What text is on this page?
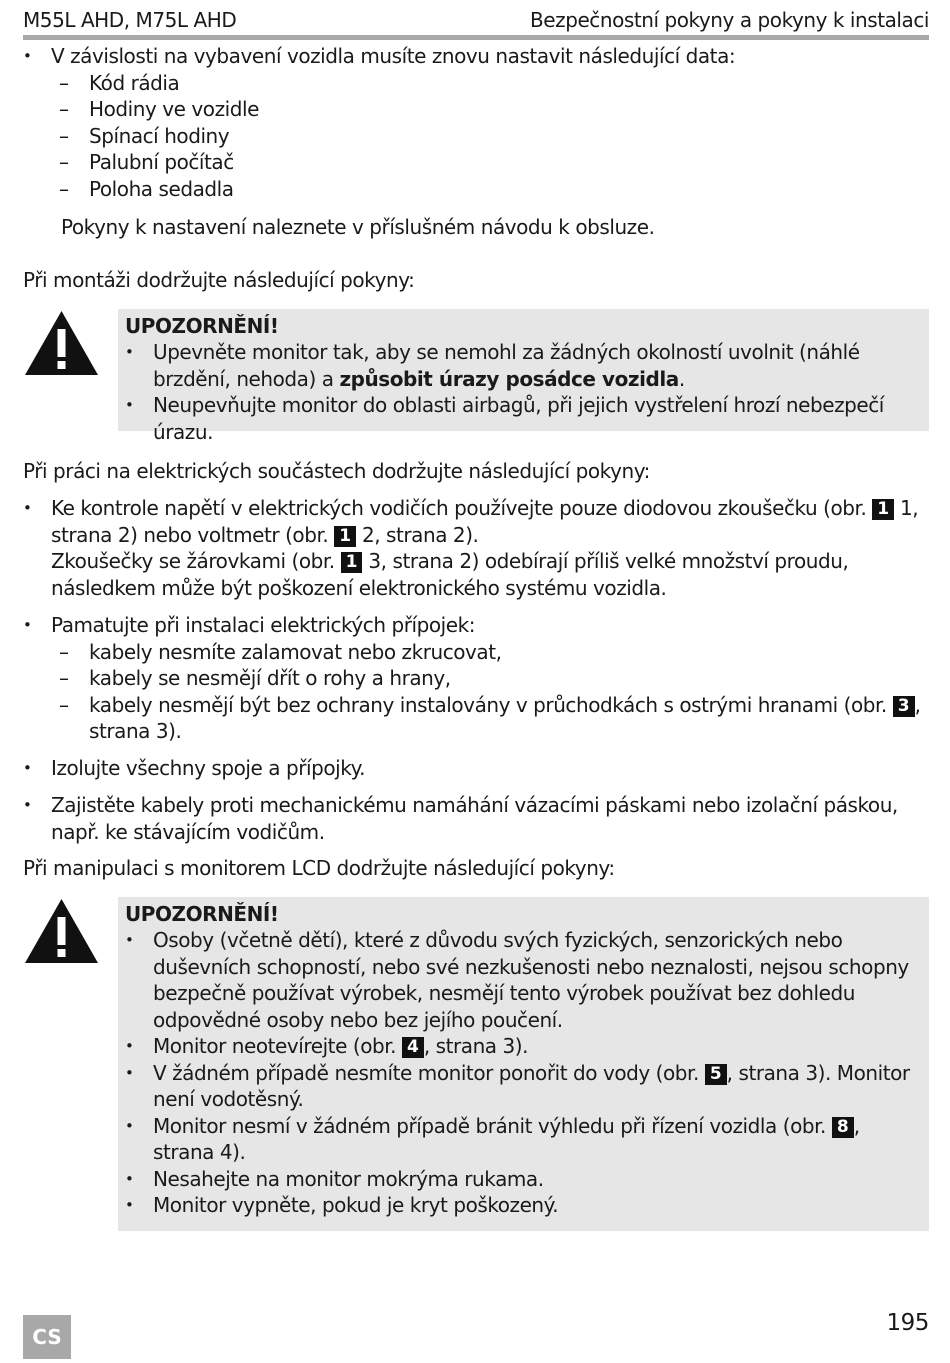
M55L AHD, M75L AHD	Bezpečnostní pokyny a pokyny k instalaci
• V závislosti na vybavení vozidla musíte znovu nastavit následující data:
– Kód rádia
– Hodiny ve vozidle
– Spínací hodiny
– Palubní počítač
– Poloha sedadla
Pokyny k nastavení naleznete v příslušném návodu k obsluze.
Při montáži dodržujte následující pokyny:
UPOZORNĚNÍ!
• Upevněte monitor tak, aby se nemohl za žádných okolností uvolnit (náhlé brzdění, nehoda) a způsobit úrazy posádce vozidla.
• Neupevňujte monitor do oblasti airbagů, při jejich vystřelení hrozí nebezpečí úrazu.
Při práci na elektrických součástech dodržujte následující pokyny:
• Ke kontrole napětí v elektrických vodičích používejte pouze diodovou zkoušečku (obr. 1 1, strana 2) nebo voltmetr (obr. 1 2, strana 2).
Zkoušečky se žárovkami (obr. 1 3, strana 2) odebírají příliš velké množství proudu, následkem může být poškození elektronického systému vozidla.
• Pamatujte při instalaci elektrických přípojek:
– kabely nesmíte zalamovat nebo zkrucovat,
– kabely se nesmějí dřít o rohy a hrany,
– kabely nesmějí být bez ochrany instalovány v průchodkách s ostrými hranami (obr. 3 , strana 3).
• Izolujte všechny spoje a přípojky.
• Zajistěte kabely proti mechanickému namáhání vázacími páskami nebo izolační páskou, např. ke stávajícím vodičům.
Při manipulaci s monitorem LCD dodržujte následující pokyny:
UPOZORNĚNÍ!
• Osoby (včetně dětí), které z důvodu svých fyzických, senzorických nebo duševních schopností, nebo své nezkušenosti nebo neznalosti, nejsou schopny bezpečně používat výrobek, nesmějí tento výrobek používat bez dohledu odpovědné osoby nebo bez jejího poučení.
• Monitor neotevírejte (obr. 4 , strana 3).
• V žádném případě nesmíte monitor ponořit do vody (obr. 5 , strana 3). Monitor není vodotěsný.
• Monitor nesmí v žádném případě bránit výhledu při řízení vozidla (obr. 8 , strana 4).
• Nesahejte na monitor mokrýma rukama.
• Monitor vypněte, pokud je kryt poškozený.
CS
195
